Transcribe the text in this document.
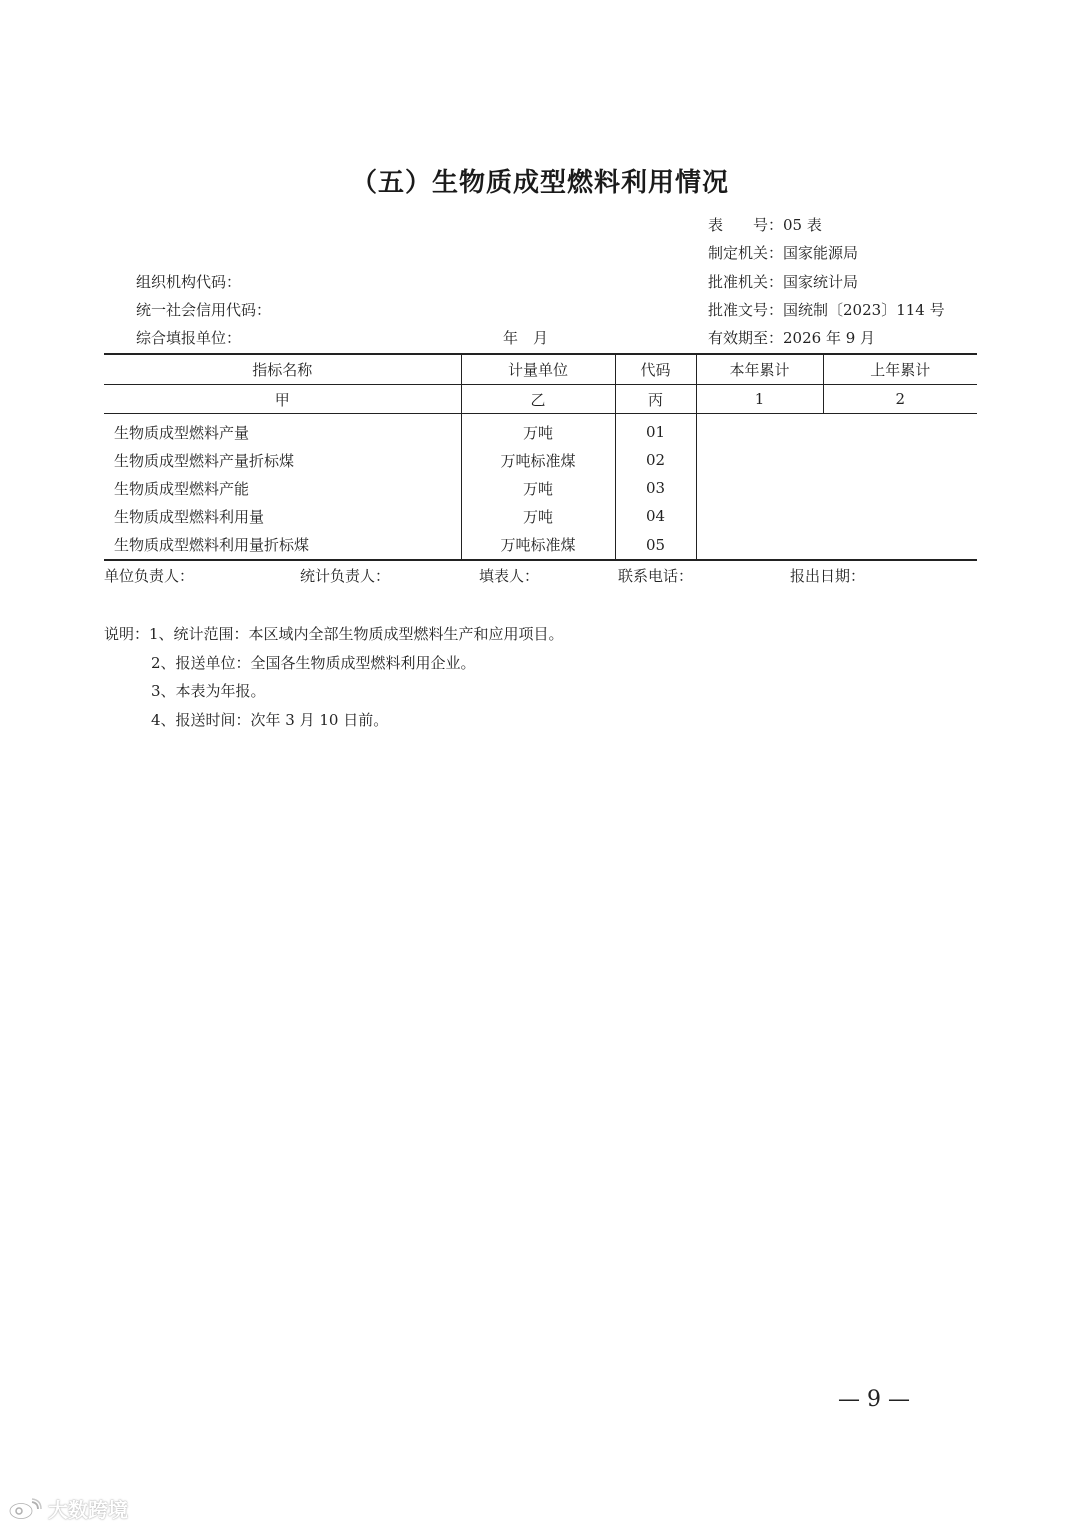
（五）生物质成型燃料利用情况
表　　号：05 表
制定机关：国家能源局
批准机关：国家统计局
批准文号：国统制〔2023〕114 号
有效期至：2026 年 9 月
组织机构代码：
统一社会信用代码：
综合填报单位：	年　月
指标名称	计量单位	代码	本年累计	上年累计
甲	乙	丙	1	2
生物质成型燃料产量	万吨	01		
生物质成型燃料产量折标煤	万吨标准煤	02		
生物质成型燃料产能	万吨	03		
生物质成型燃料利用量	万吨	04		
生物质成型燃料利用量折标煤	万吨标准煤	05		
单位负责人：	统计负责人：	填表人：	联系电话：	报出日期：
说明：1、统计范围：本区域内全部生物质成型燃料生产和应用项目。
2、报送单位：全国各生物质成型燃料利用企业。
3、本表为年报。
4、报送时间：次年 3 月 10 日前。
— 9 —
大数跨境
